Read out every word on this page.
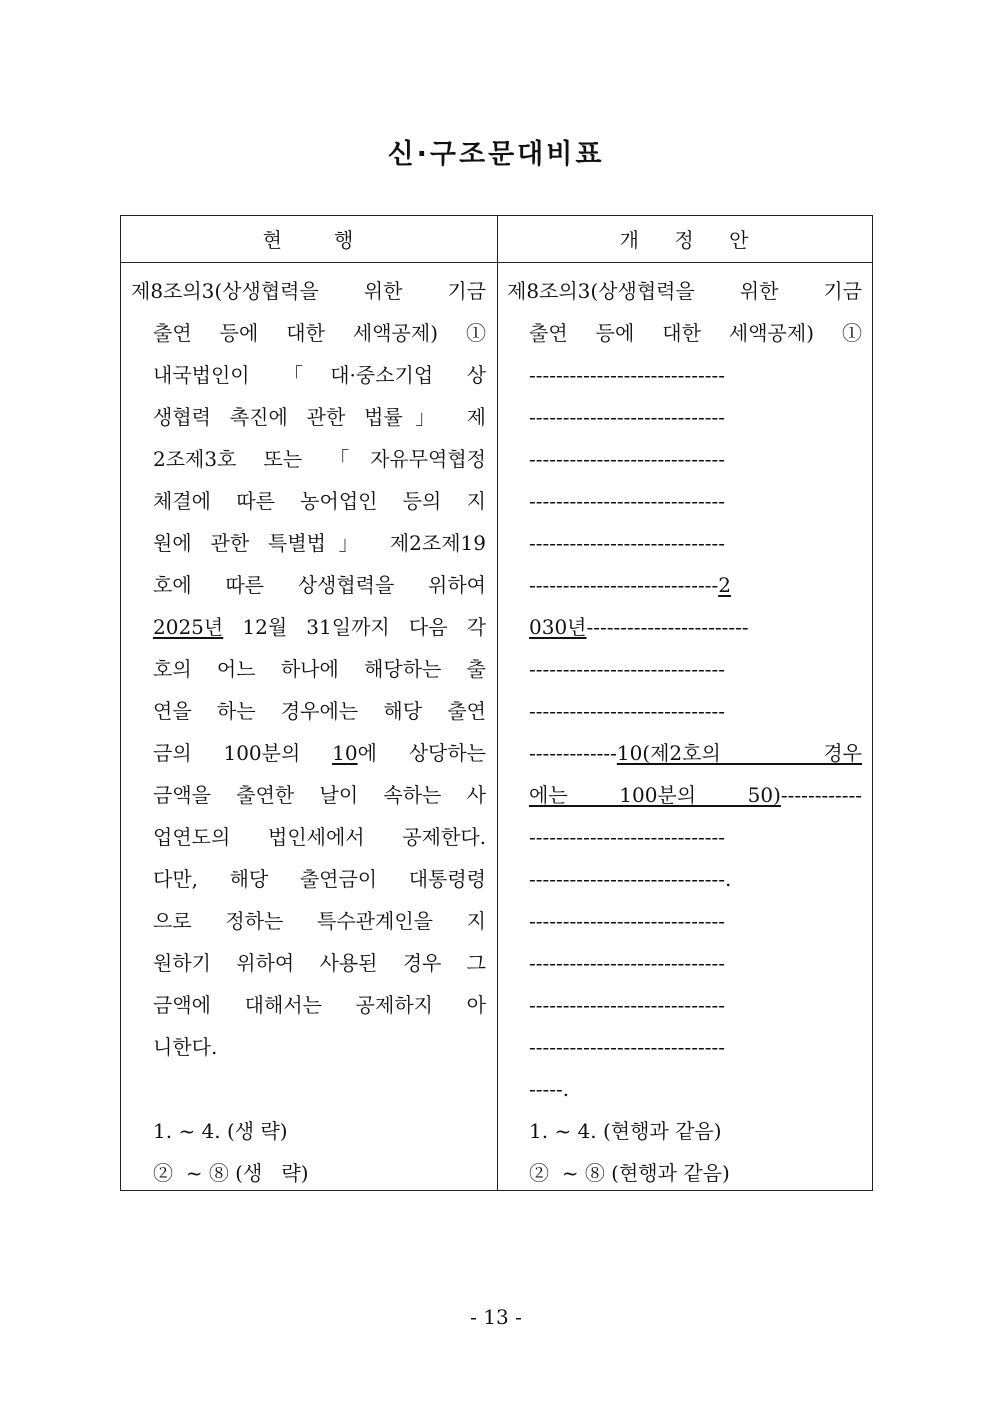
신·구조문대비표
현      행	개    정    안
제8조의3(상생협력을 위한 기금
출연 등에 대한 세액공제) ①
내국법인이 「대·중소기업 상
생협력 촉진에 관한 법률」 제
2조제3호 또는 「자유무역협정
체결에 따른 농어업인 등의 지
원에 관한 특별법」 제2조제19
호에 따른 상생협력을 위하여
2025년 12월 31일까지 다음 각
호의 어느 하나에 해당하는 출
연을 하는 경우에는 해당 출연
금의 100분의 10에 상당하는
금액을 출연한 날이 속하는 사
업연도의 법인세에서 공제한다.
다만, 해당 출연금이 대통령령
으로 정하는 특수관계인을 지
원하기 위하여 사용된 경우 그
금액에 대해서는 공제하지 아
니한다.
1. ~ 4. (생 략)
②  ~ ⑧ (생   략)
제8조의3(상생협력을 위한 기금
출연 등에 대한 세액공제) ①
-----------------------------
-----------------------------
-----------------------------
-----------------------------
-----------------------------
----------------------------2
030년------------------------
-----------------------------
-----------------------------
-------------10(제2호의 경우
에는 100분의 50)------------
-----------------------------
-----------------------------.
-----------------------------
-----------------------------
-----------------------------
-----------------------------
-----.
1. ~ 4. (현행과 같음)
②  ~ ⑧ (현행과 같음)
- 13 -
